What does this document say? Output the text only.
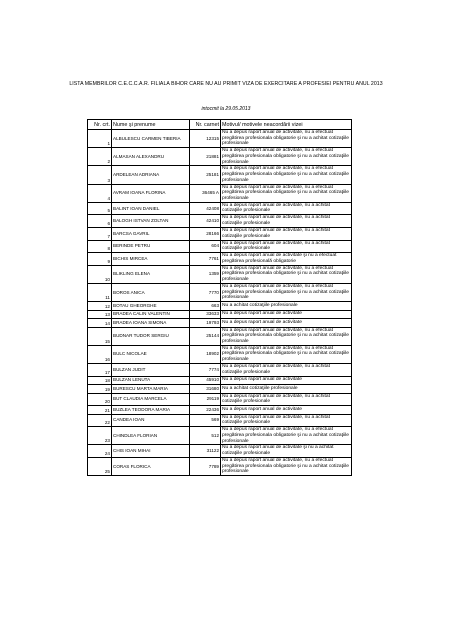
LISTA MEMBRILOR C.E.C.C.A.R. FILIALA BIHOR CARE NU AU PRIMIT VIZA DE EXERCITARE A PROFESIEI PENTRU ANUL 2013
intocmit la 29.05.2013
Nr. crt.	Nume şi prenume	Nr. carnet	Motivul/ motivele neacordării vizei
1	ALBULESCU CARMEN TIBERIA	12315	Nu a depus raport anual de activitate, nu a efectuat pregătirea profesionala obligatorie şi nu a achitat cotizaţiile profesionale
2	ALMASAN ALEXANDRU	21881	Nu a depus raport anual de activitate, nu a efectuat pregătirea profesionala obligatorie şi nu a achitat cotizaţiile profesionale
3	ARDELEAN ADRIANA	25181	Nu a depus raport anual de activitate, nu a efectuat pregătirea profesionala obligatorie şi nu a achitat cotizaţiile profesionale
4	AVRAM IOANA FLORINA	36465 A	Nu a depus raport anual de activitate, nu a efectuat pregătirea profesionala obligatorie şi nu a achitat cotizaţiile profesionale
5	BALINT IOAN DANIEL	42408	Nu a depus raport anual de activitate, nu a achitat cotizaţiile profesionale
6	BALOGH ISTVAN ZOLTAN	42410	Nu a depus raport anual de activitate, nu a achitat cotizaţiile profesionale
7	BARCSA GAVRIL	28166	Nu a depus raport anual de activitate, nu a achitat cotizaţiile profesionale
8	BERINDE PETRU	604	Nu a depus raport anual de activitate, nu a achitat cotizaţiile profesionale
9	BICHIS MIRCEA	7761	Nu a depus raport anual de activitate şi nu a efectuat pregătirea profesională obligatorie
10	BLIKLING ELENA	1359	Nu a depus raport anual de activitate, nu a efectuat pregătirea profesionala obligatorie şi nu a achitat cotizaţiile profesionale
11	BOROS ANICA	7770	Nu a depus raport anual de activitate, nu a efectuat pregătirea profesionala obligatorie şi nu a achitat cotizaţiile profesionale
12	BOTAU GHEORGHE	663	Nu a achitat cotizaţiile profesionale
13	BRADEA CALIN VALENTIN	33633	Nu a depus raport anual de activitate
14	BRADEA IOANA SIMONA	19793	Nu a depus raport anual de activitate
15	BUDNAR TUDOR SERGIU	25144	Nu a depus raport anual de activitate, nu a efectuat pregătirea profesionala obligatorie şi nu a achitat cotizaţiile profesionale
16	BULC NICOLAE	18902	Nu a depus raport anual de activitate, nu a efectuat pregătirea profesionala obligatorie şi nu a achitat cotizaţiile profesionale
17	BULZAN JUDIT	7774	Nu a depus raport anual de activitate, nu a achitat cotizaţiile profesionale
18	BULZAN LENUTA	45910	Nu a depus raport anual de activitate
19	BURESCU MARTA MARIA	31680	Nu a achitat cotizaţiile profesionale
20	BUT CLAUDIA MARCELA	29119	Nu a depus raport anual de activitate, nu a achitat cotizaţiile profesionale
21	BUZLEA TEODORA MARIA	22436	Nu a depus raport anual de activitate
22	CANDEA IOAN	569	Nu a depus raport anual de activitate, nu a achitat cotizaţiile profesionale
23	CHINDLEA FLORIAN	512	Nu a depus raport anual de activitate, nu a efectuat pregătirea profesionala obligatorie şi nu a achitat cotizaţiile profesionale
24	CHIS IOAN MIHAI	31122	Nu a depus raport anual de activitate şi nu a achitat cotizaţiile profesionale
25	CORAS FLORICA	7789	Nu a depus raport anual de activitate, nu a efectuat pregătirea profesionala obligatorie şi nu a achitat cotizaţiile profesionale
